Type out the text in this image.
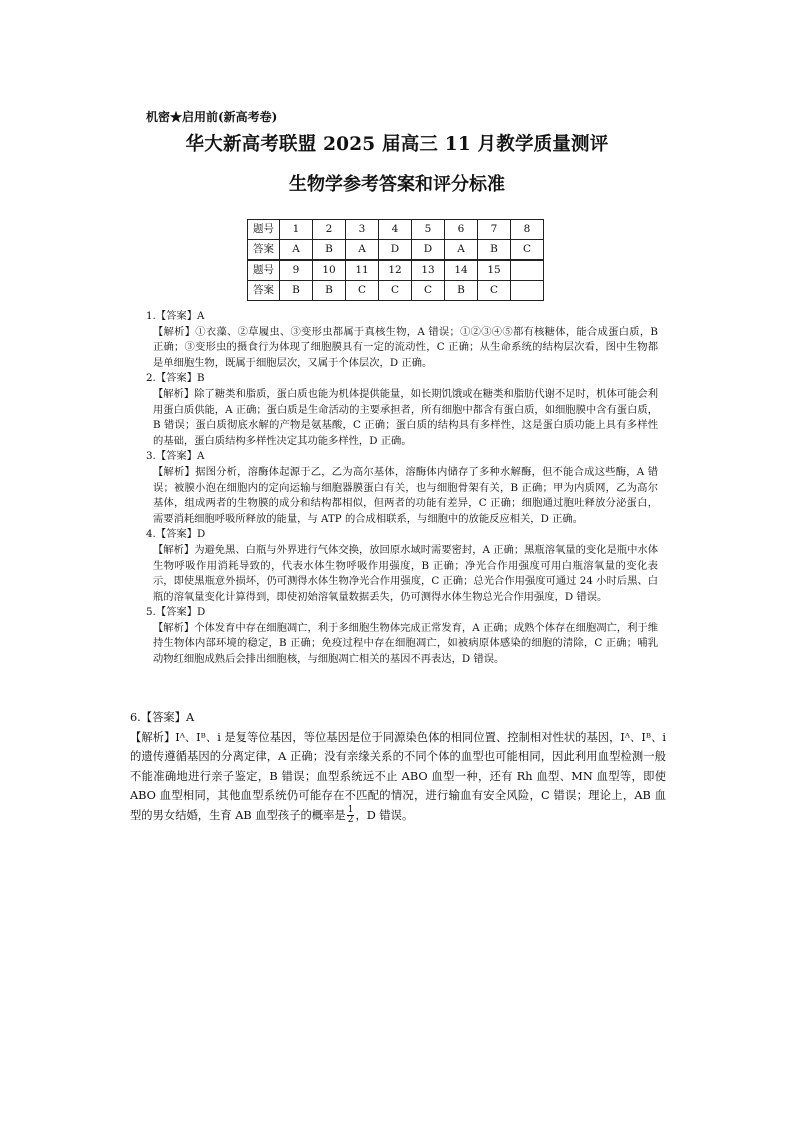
机密★启用前(新高考卷)
华大新高考联盟 2025 届高三 11 月教学质量测评
生物学参考答案和评分标准
题号	1	2	3	4	5	6	7	8
答案	A	B	A	D	D	A	B	C
题号	9	10	11	12	13	14	15	
答案	B	B	C	C	C	B	C	

1.【答案】A

【解析】①衣藻、②草履虫、③变形虫都属于真核生物，A 错误；①②③④⑤都有核糖体，能合成蛋白质，B 正确；③变形虫的摄食行为体现了细胞膜具有一定的流动性，C 正确；从生命系统的结构层次看，图中生物都是单细胞生物，既属于细胞层次，又属于个体层次，D 正确。

2.【答案】B

【解析】除了糖类和脂质，蛋白质也能为机体提供能量，如长期饥饿或在糖类和脂肪代谢不足时，机体可能会利用蛋白质供能，A 正确；蛋白质是生命活动的主要承担者，所有细胞中都含有蛋白质，如细胞膜中含有蛋白质，B 错误；蛋白质彻底水解的产物是氨基酸，C 正确；蛋白质的结构具有多样性，这是蛋白质功能上具有多样性的基础，蛋白质结构多样性决定其功能多样性，D 正确。

3.【答案】A

【解析】据图分析，溶酶体起源于乙，乙为高尔基体，溶酶体内储存了多种水解酶，但不能合成这些酶，A 错误；被膜小泡在细胞内的定向运输与细胞器膜蛋白有关，也与细胞骨架有关，B 正确；甲为内质网，乙为高尔基体，组成两者的生物膜的成分和结构都相似，但两者的功能有差异，C 正确；细胞通过胞吐释放分泌蛋白，需要消耗细胞呼吸所释放的能量，与 ATP 的合成相联系，与细胞中的放能反应相关，D 正确。

4.【答案】D

【解析】为避免黑、白瓶与外界进行气体交换，放回原水域时需要密封，A 正确；黑瓶溶氧量的变化是瓶中水体生物呼吸作用消耗导致的，代表水体生物呼吸作用强度，B 正确；净光合作用强度可用白瓶溶氧量的变化表示，即使黑瓶意外损坏，仍可测得水体生物净光合作用强度，C 正确；总光合作用强度可通过 24 小时后黑、白瓶的溶氧量变化计算得到，即使初始溶氧量数据丢失，仍可测得水体生物总光合作用强度，D 错误。

5.【答案】D

【解析】个体发育中存在细胞凋亡，利于多细胞生物体完成正常发育，A 正确；成熟个体存在细胞凋亡，利于维持生物体内部环境的稳定，B 正确；免疫过程中存在细胞凋亡，如被病原体感染的细胞的清除，C 正确；哺乳动物红细胞成熟后会排出细胞核，与细胞凋亡相关的基因不再表达，D 错误。

6.【答案】A

【解析】Iᴬ、Iᴮ、i 是复等位基因，等位基因是位于同源染色体的相同位置、控制相对性状的基因，Iᴬ、Iᴮ、i 的遗传遵循基因的分离定律，A 正确；没有亲缘关系的不同个体的血型也可能相同，因此利用血型检测一般不能准确地进行亲子鉴定，B 错误；血型系统远不止 ABO 血型一种，还有 Rh 血型、MN 血型等，即使 ABO 血型相同，其他血型系统仍可能存在不匹配的情况，进行输血有安全风险，C 错误；理论上，AB 血型的男女结婚，生育 AB 血型孩子的概率是 $\frac{1}{2}$ ，D 错误。
